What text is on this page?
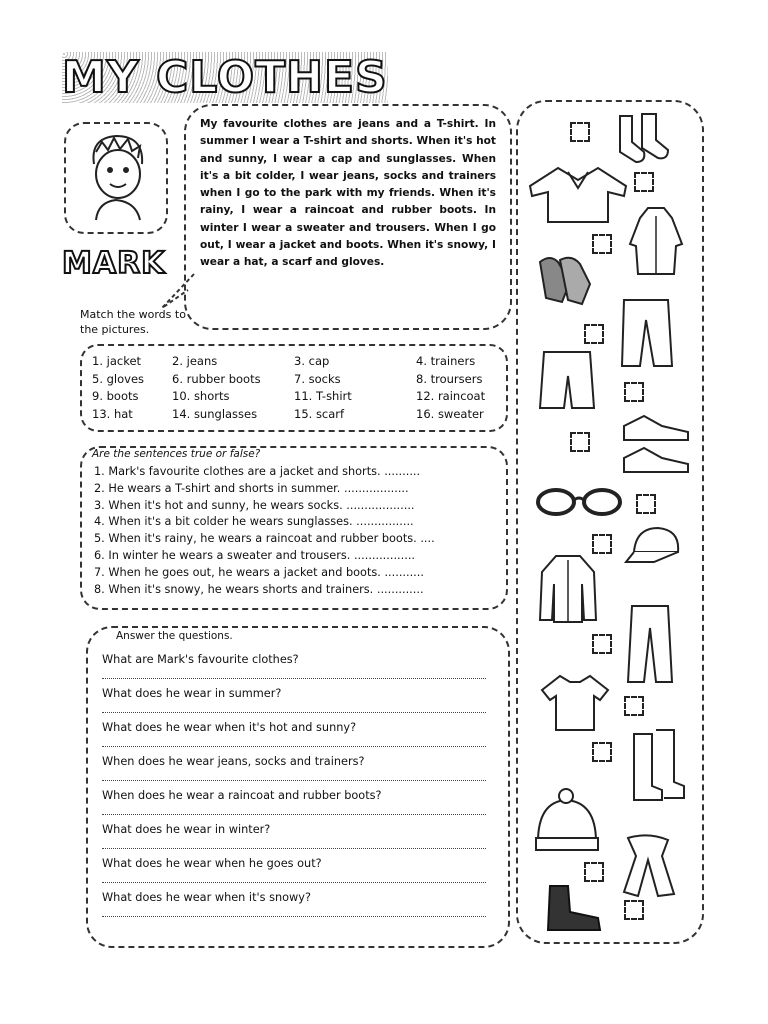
MY CLOTHES
MARK
My favourite clothes are jeans and a T-shirt. In summer I wear a T-shirt and shorts. When it's hot and sunny, I wear a cap and sunglasses. When it's a bit colder, I wear jeans, socks and trainers when I go to the park with my friends. When it's rainy, I wear a raincoat and rubber boots. In winter I wear a sweater and trousers. When I go out, I wear a jacket and boots. When it's snowy, I wear a hat, a scarf and gloves.
Match the words to the pictures.
1. jacket	2. jeans	3. cap	4. trainers
5. gloves	6. rubber boots	7. socks	8. troursers
9. boots	10. shorts	11. T-shirt	12. raincoat
13. hat	14. sunglasses	15. scarf	16. sweater
Are the sentences true or false?
1. Mark's favourite clothes are a jacket and shorts. ..........
2. He wears a T-shirt and shorts in summer. ..................
3. When it's hot and sunny, he wears socks. ...................
4. When it's a bit colder he wears sunglasses. ................
5. When it's rainy, he wears a raincoat and rubber boots. ....
6. In winter he wears a sweater and trousers. .................
7. When he goes out, he wears a jacket and boots. ...........
8. When it's snowy, he wears shorts and trainers. .............
Answer the questions.
What are Mark's favourite clothes?
What does he wear in summer?
What does he wear when it's hot and sunny?
When does he wear jeans, socks and trainers?
When does he wear a raincoat and rubber boots?
What does he wear in winter?
What does he wear when he goes out?
What does he wear when it's snowy?
